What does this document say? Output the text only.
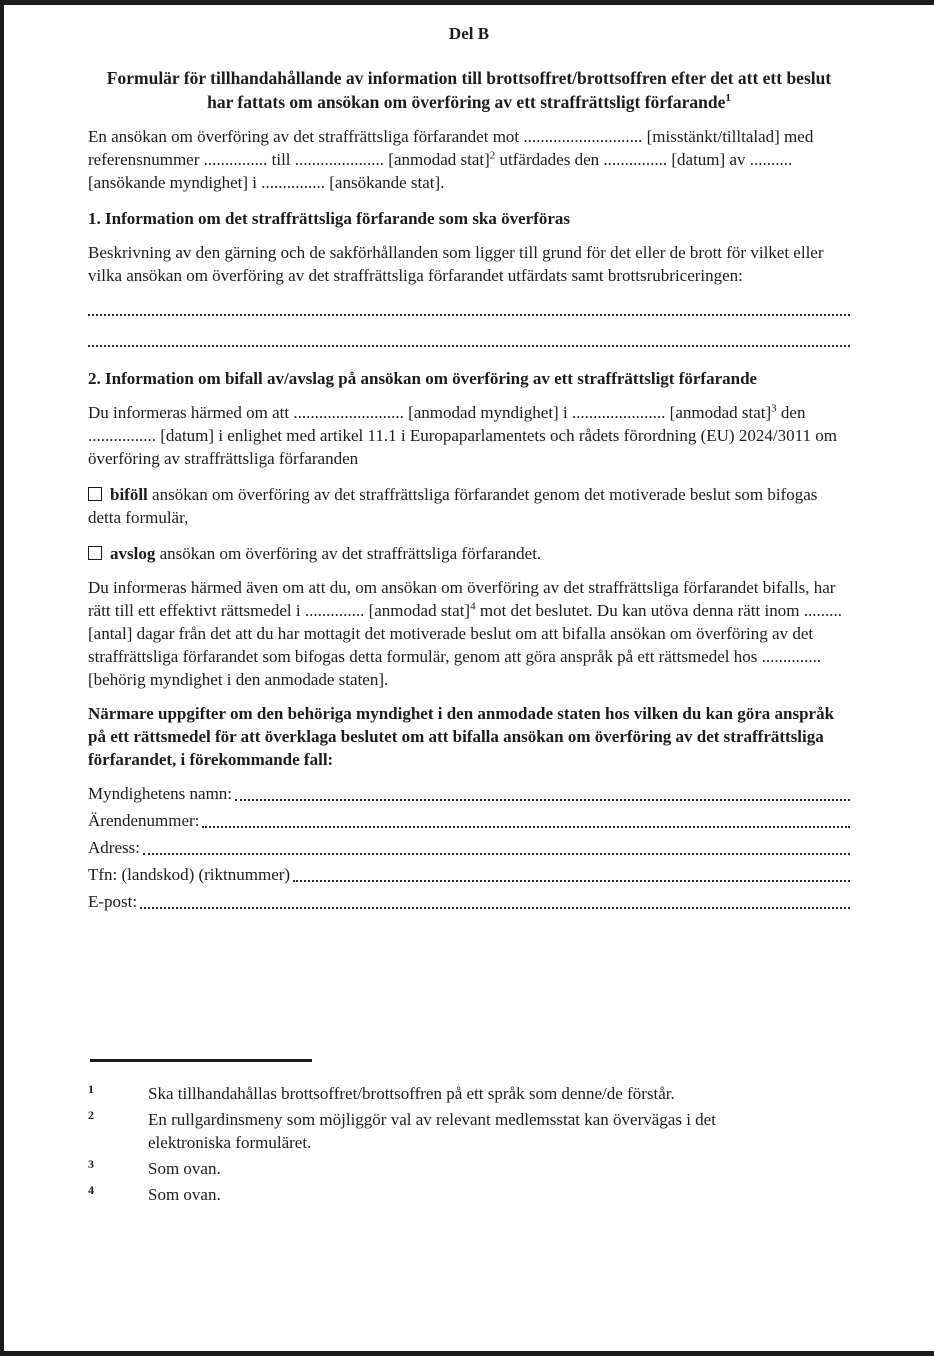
Del B
Formulär för tillhandahållande av information till brottsoffret/brottsoffren efter det att ett beslut har fattats om ansökan om överföring av ett straffrättsligt förfarande$^1$

En ansökan om överföring av det straffrättsliga förfarandet mot ............................ [misstänkt/tilltalad] med referensnummer ............... till ..................... [anmodad stat]$^2$ utfärdades den ............... [datum] av .......... [ansökande myndighet] i ............... [ansökande stat].

1. Information om det straffrättsliga förfarande som ska överföras

Beskrivning av den gärning och de sakförhållanden som ligger till grund för det eller de brott för vilket eller vilka ansökan om överföring av det straffrättsliga förfarandet utfärdats samt brottsrubriceringen:

2. Information om bifall av/avslag på ansökan om överföring av ett straffrättsligt förfarande

Du informeras härmed om att .......................... [anmodad myndighet] i ...................... [anmodad stat]$^3$ den ................ [datum] i enlighet med artikel 11.1 i Europaparlamentets och rådets förordning (EU) 2024/3011 om överföring av straffrättsliga förfaranden

biföll ansökan om överföring av det straffrättsliga förfarandet genom det motiverade beslut som bifogas detta formulär,

avslog ansökan om överföring av det straffrättsliga förfarandet.

Du informeras härmed även om att du, om ansökan om överföring av det straffrättsliga förfarandet bifalls, har rätt till ett effektivt rättsmedel i .............. [anmodad stat]$^4$ mot det beslutet. Du kan utöva denna rätt inom ......... [antal] dagar från det att du har mottagit det motiverade beslut om att bifalla ansökan om överföring av det straffrättsliga förfarandet som bifogas detta formulär, genom att göra anspråk på ett rättsmedel hos .............. [behörig myndighet i den anmodade staten].

Närmare uppgifter om den behöriga myndighet i den anmodade staten hos vilken du kan göra anspråk på ett rättsmedel för att överklaga beslutet om att bifalla ansökan om överföring av det straffrättsliga förfarandet, i förekommande fall:

Myndighetens namn:
Ärendenummer:
Adress:
Tfn: (landskod) (riktnummer)
E-post:
1	Ska tillhandahållas brottsoffret/brottsoffren på ett språk som denne/de förstår.
2	En rullgardinsmeny som möjliggör val av relevant medlemsstat kan övervägas i det elektroniska formuläret.
3	Som ovan.
4	Som ovan.
